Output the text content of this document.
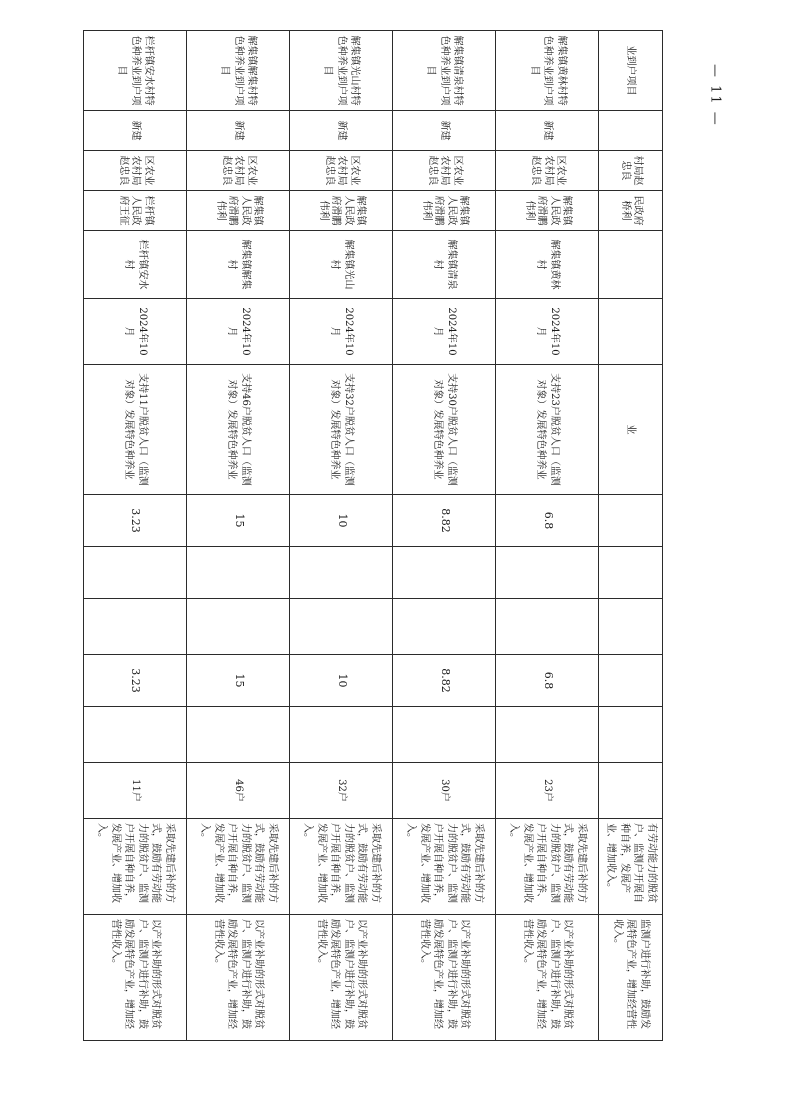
— 11 —
业到户项目		村局赵忠良	民政府桥利			业							有劳动能力的脱贫户、监测户开展自种自养，发展产业、增加收入。	监测户进行补助，鼓励发展特色产业，增加经营性收入。
解集镇黄林村特色种养业到户项目	新建	区农业农村局赵忠良	解集镇人民政府滑鹏伟利	解集镇黄林村	2024年10月	支持23户脱贫人口（监测对象）发展特色种养业	6.8			6.8		23户	采取先建后补的方式，鼓励有劳动能力的脱贫户、监测户开展自种自养、发展产业、增加收入。	以产业补助的形式对脱贫户、监测户进行补助，鼓励发展特色产业，增加经营性收入。
解集镇清泉村特色种养业到户项目	新建	区农业农村局赵忠良	解集镇人民政府滑鹏伟利	解集镇清泉村	2024年10月	支持30户脱贫人口（监测对象）发展特色种养业	8.82			8.82		30户	采取先建后补的方式，鼓励有劳动能力的脱贫户、监测户开展自种自养，发展产业、增加收入。	以产业补助的形式对脱贫户、监测户进行补助，鼓励发展特色产业，增加经营性收入。
解集镇光山村特色种养业到户项目	新建	区农业农村局赵忠良	解集镇人民政府滑鹏伟利	解集镇光山村	2024年10月	支持32户脱贫人口（监测对象）发展特色种养业	10			10		32户	采取先建后补的方式，鼓励有劳动能力的脱贫户、监测户开展自种自养，发展产业、增加收入。	以产业补助的形式对脱贫户、监测户进行补助，鼓励发展特色产业，增加经营性收入。
解集镇解集村特色种养业到户项目	新建	区农业农村局赵忠良	解集镇人民政府滑鹏伟利	解集镇解集村	2024年10月	支持46户脱贫人口（监测对象）发展特色种养业	15			15		46户	采取先建后补的方式，鼓励有劳动能力的脱贫户、监测户开展自种自养，发展产业、增加收入。	以产业补助的形式对脱贫户、监测户进行补助，鼓励发展特色产业，增加经营性收入。
栏杆镇安水村特色种养业到户项目	新建	区农业农村局赵忠良	栏杆镇人民政府王征	栏杆镇安水村	2024年10月	支持11户脱贫人口（监测对象）发展特色种养业	3.23			3.23		11户	采取先建后补的方式，鼓励有劳动能力的脱贫户、监测户开展自种自养，发展产业、增加收入。	以产业补助的形式对脱贫户、监测户进行补助，鼓励发展特色产业，增加经营性收入。
